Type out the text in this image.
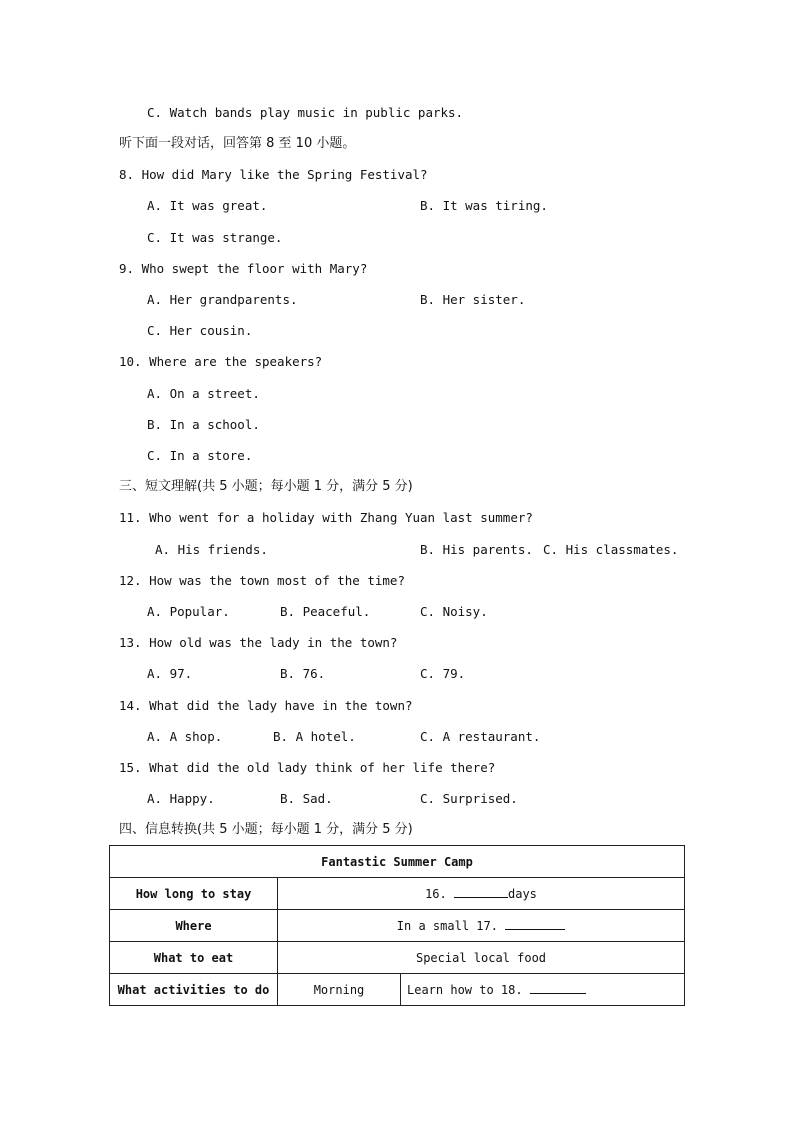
C. Watch bands play music in public parks.
听下面一段对话，回答第 8 至 10 小题。
8. How did Mary like the Spring Festival?
A. It was great.	B. It was tiring.
C. It was strange.
9. Who swept the floor with Mary?
A. Her grandparents.	B. Her sister.
C. Her cousin.
10. Where are the speakers?
A. On a street.
B. In a school.
C. In a store.
三、短文理解(共 5 小题；每小题 1 分，满分 5 分)
11. Who went for a holiday with Zhang Yuan last summer?
A. His friends.	B. His parents. C. His classmates.
12. How was the town most of the time?
A. Popular.	B. Peaceful.	C. Noisy.
13. How old was the lady in the town?
A. 97.	B. 76.	C. 79.
14. What did the lady have in the town?
A. A shop.	B. A hotel.	C. A restaurant.
15. What did the old lady think of her life there?
A. Happy.	B. Sad.	C. Surprised.
四、信息转换(共 5 小题；每小题 1 分，满分 5 分)
Fantastic Summer Camp		
How long to stay	16. days	
Where	In a small 17.	
What to eat	Special local food	
What activities to do	Morning	Learn how to 18.
